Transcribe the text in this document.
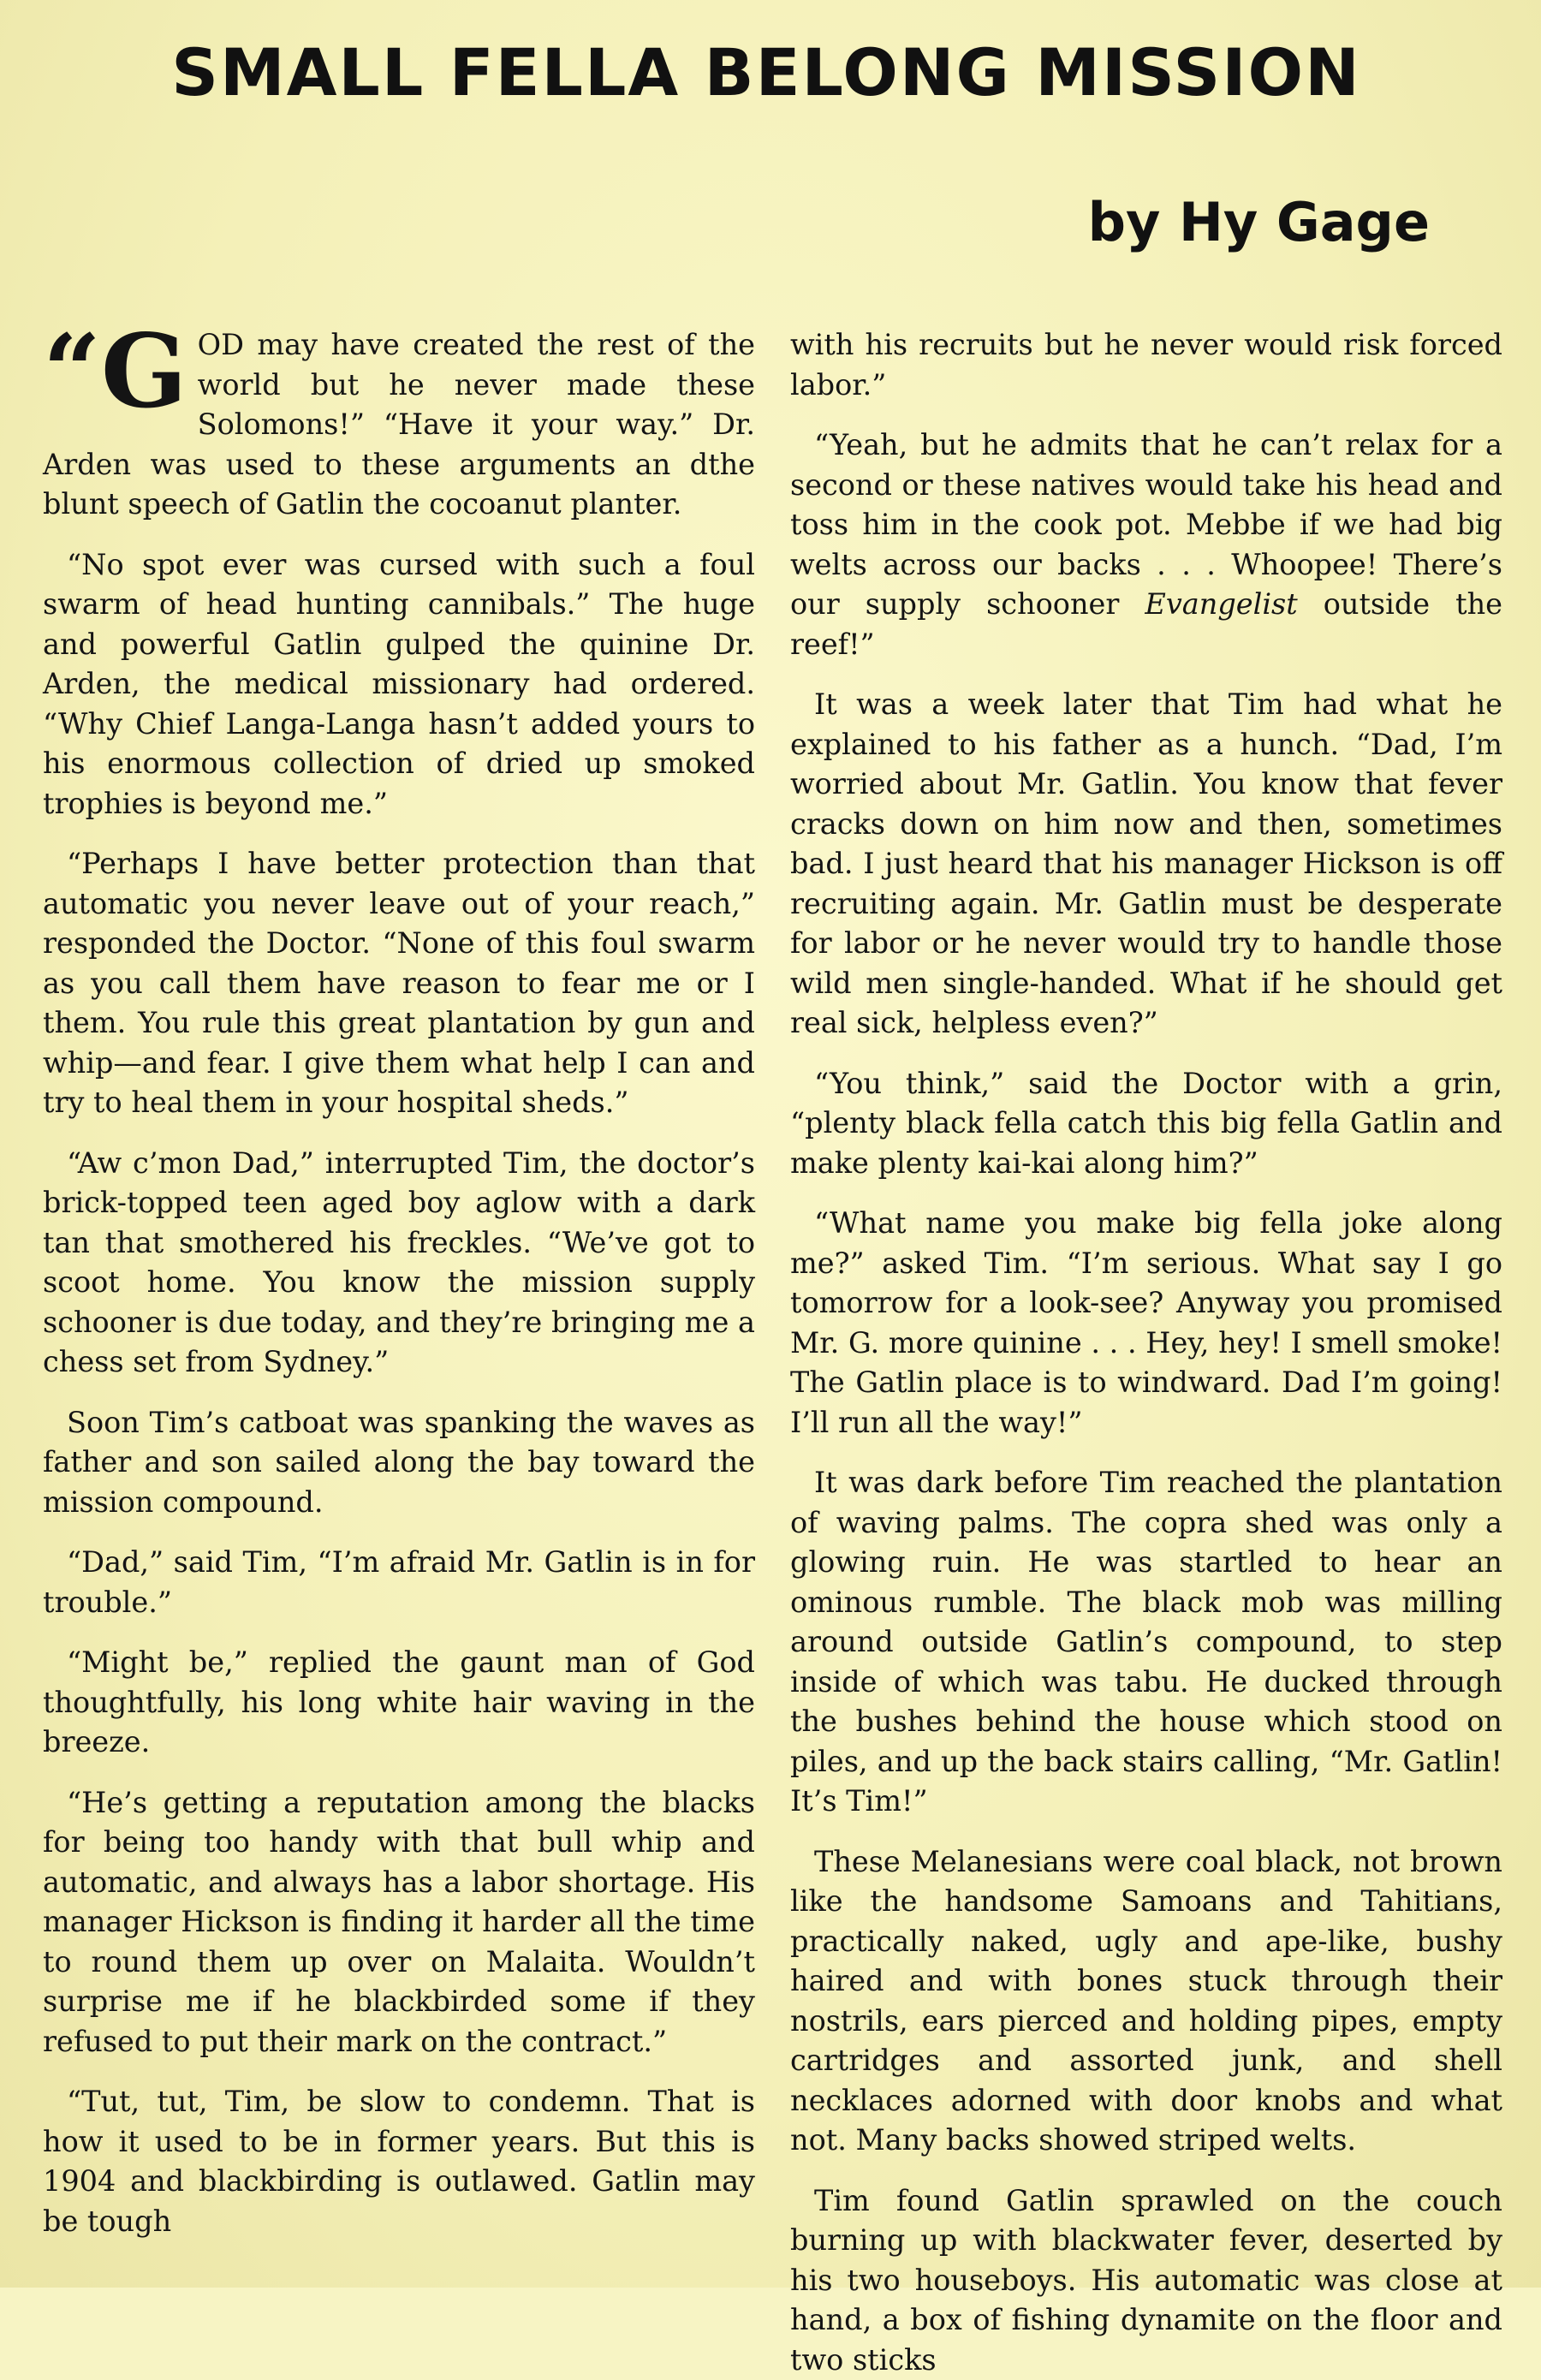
SMALL FELLA BELONG MISSION
by Hy Gage

“GOD may have created the rest of the world but he never made these Solomons!” “Have it your way.” Dr. Arden was used to these arguments an dthe blunt speech of Gatlin the cocoanut planter.

“No spot ever was cursed with such a foul swarm of head hunting cannibals.” The huge and powerful Gatlin gulped the quinine Dr. Arden, the medical missionary had ordered. “Why Chief Langa-Langa hasn’t added yours to his enormous collection of dried up smoked trophies is beyond me.”

“Perhaps I have better protection than that automatic you never leave out of your reach,” responded the Doctor. “None of this foul swarm as you call them have reason to fear me or I them. You rule this great plantation by gun and whip—and fear. I give them what help I can and try to heal them in your hospital sheds.”

“Aw c’mon Dad,” interrupted Tim, the doctor’s brick-topped teen aged boy aglow with a dark tan that smothered his freckles. “We’ve got to scoot home. You know the mission supply schooner is due today, and they’re bringing me a chess set from Sydney.”

Soon Tim’s catboat was spanking the waves as father and son sailed along the bay toward the mission compound.

“Dad,” said Tim, “I’m afraid Mr. Gatlin is in for trouble.”

“Might be,” replied the gaunt man of God thoughtfully, his long white hair waving in the breeze.

“He’s getting a reputation among the blacks for being too handy with that bull whip and automatic, and always has a labor shortage. His manager Hickson is finding it harder all the time to round them up over on Malaita. Wouldn’t surprise me if he blackbirded some if they refused to put their mark on the contract.”

“Tut, tut, Tim, be slow to condemn. That is how it used to be in former years. But this is 1904 and blackbirding is outlawed. Gatlin may be tough

with his recruits but he never would risk forced labor.”

“Yeah, but he admits that he can’t relax for a second or these natives would take his head and toss him in the cook pot. Mebbe if we had big welts across our backs . . . Whoopee! There’s our supply schooner Evangelist outside the reef!”

It was a week later that Tim had what he explained to his father as a hunch. “Dad, I’m worried about Mr. Gatlin. You know that fever cracks down on him now and then, sometimes bad. I just heard that his manager Hickson is off recruiting again. Mr. Gatlin must be desperate for labor or he never would try to handle those wild men single-handed. What if he should get real sick, helpless even?”

“You think,” said the Doctor with a grin, “plenty black fella catch this big fella Gatlin and make plenty kai-kai along him?”

“What name you make big fella joke along me?” asked Tim. “I’m serious. What say I go tomorrow for a look-see? Anyway you promised Mr. G. more quinine . . . Hey, hey! I smell smoke! The Gatlin place is to windward. Dad I’m going! I’ll run all the way!”

It was dark before Tim reached the plantation of waving palms. The copra shed was only a glowing ruin. He was startled to hear an ominous rumble. The black mob was milling around outside Gatlin’s compound, to step inside of which was tabu. He ducked through the bushes behind the house which stood on piles, and up the back stairs calling, “Mr. Gatlin! It’s Tim!”

These Melanesians were coal black, not brown like the handsome Samoans and Tahitians, practically naked, ugly and ape-like, bushy haired and with bones stuck through their nostrils, ears pierced and holding pipes, empty cartridges and assorted junk, and shell necklaces adorned with door knobs and what not. Many backs showed striped welts.

Tim found Gatlin sprawled on the couch burning up with blackwater fever, deserted by his two houseboys. His automatic was close at hand, a box of fishing dynamite on the floor and two sticks
